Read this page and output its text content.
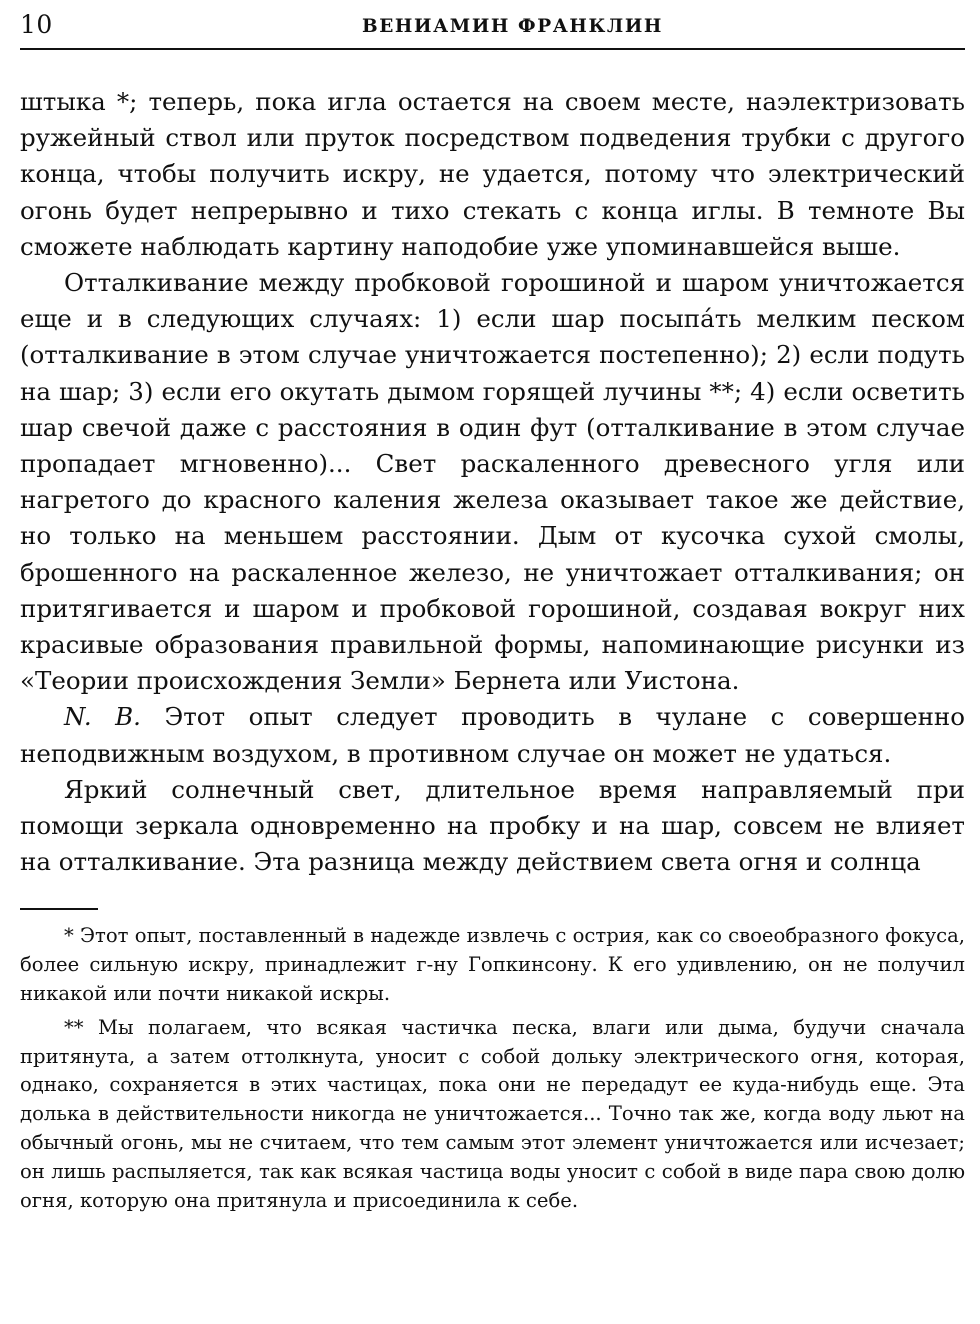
10	ВЕНИАМИН ФРАНКЛИН

штыка *; теперь, пока игла остается на своем месте, наэлектризовать ружейный ствол или пруток посредством подведения трубки с другого конца, чтобы получить искру, не удается, потому что электрический огонь будет непрерывно и тихо стекать с конца иглы. В темноте Вы сможете наблюдать картину наподобие уже упоминавшейся выше.

Отталкивание между пробковой горошиной и шаром уничтожается еще и в следующих случаях: 1) если шар посыпáть мелким песком (отталкивание в этом случае уничтожается постепенно); 2) если подуть на шар; 3) если его окутать дымом горящей лучины **; 4) если осветить шар свечой даже с расстояния в один фут (отталкивание в этом случае пропадает мгновенно)... Свет раскаленного древесного угля или нагретого до красного каления железа оказывает такое же действие, но только на меньшем расстоянии. Дым от кусочка сухой смолы, брошенного на раскаленное железо, не уничтожает отталкивания; он притягивается и шаром и пробковой горошиной, создавая вокруг них красивые образования правильной формы, напоминающие рисунки из «Теории происхождения Земли» Бернета или Уистона.

N. B. Этот опыт следует проводить в чулане с совершенно неподвижным воздухом, в противном случае он может не удаться.

Яркий солнечный свет, длительное время направляемый при помощи зеркала одновременно на пробку и на шар, совсем не влияет на отталкивание. Эта разница между действием света огня и солнца

* Этот опыт, поставленный в надежде извлечь с острия, как со своеобразного фокуса, более сильную искру, принадлежит г-ну Гопкинсону. К его удивлению, он не получил никакой или почти никакой искры.

** Мы полагаем, что всякая частичка песка, влаги или дыма, будучи сначала притянута, а затем оттолкнута, уносит с собой дольку электрического огня, которая, однако, сохраняется в этих частицах, пока они не передадут ее куда-нибудь еще. Эта долька в действительности никогда не уничтожается... Точно так же, когда воду льют на обычный огонь, мы не считаем, что тем самым этот элемент уничтожается или исчезает; он лишь распыляется, так как всякая частица воды уносит с собой в виде пара свою долю огня, которую она притянула и присоединила к себе.
